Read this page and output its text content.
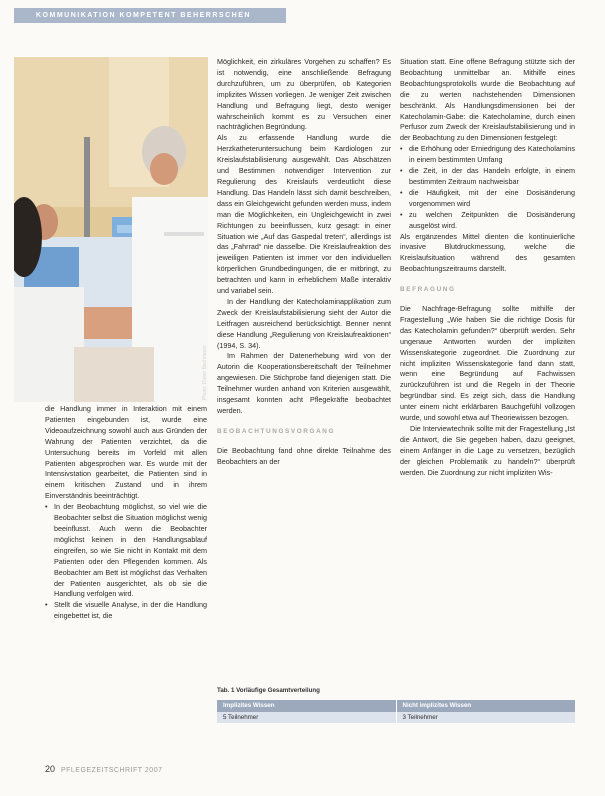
KOMMUNIKATION KOMPETENT BEHERRSCHEN
Photo: Dieter Bachmann

die Handlung immer in Interaktion mit einem Patienten eingebunden ist, wurde eine Videoaufzeichnung sowohl auch aus Gründen der Wahrung der Patienten verzichtet, da die Untersuchung bereits im Vorfeld mit allen Patienten abgesprochen war. Es wurde mit der Intensivstation gearbeitet, die Patienten sind in einem kritischen Zustand und in ihrem Einverständnis beeinträchtigt.

• In der Beobachtung möglichst, so viel wie die Beobachter selbst die Situation möglichst wenig beeinflusst. Auch wenn die Beobachter möglichst keinen in den Handlungsablauf eingreifen, so wie Sie nicht in Kontakt mit dem Patienten oder den Pflegenden kommen. Als Beobachter am Bett ist möglichst das Verhalten der Patienten ausgerichtet, als ob sie die Handlung verfolgen wird.
• Stellt die visuelle Analyse, in der die Handlung eingebettet ist, die

Möglichkeit, ein zirkuläres Vorgehen zu schaffen? Es ist notwendig, eine anschließende Befragung durchzuführen, um zu überprüfen, ob Kategorien implizites Wissen vorliegen. Je weniger Zeit zwischen Handlung und Befragung liegt, desto weniger wahrscheinlich kommt es zu Versuchen einer nachträglichen Begründung.

Als zu erfassende Handlung wurde die Herzkatheteruntersuchung beim Kardiologen zur Kreislaufstabilisierung ausgewählt. Das Abschätzen und Bestimmen notwendiger Intervention zur Regulierung des Kreislaufs verdeutlicht diese Handlung. Das Handeln lässt sich damit beschreiben, dass ein Gleichgewicht gefunden werden muss, indem man die Möglichkeiten, ein Ungleichgewicht in zwei Richtungen zu beeinflussen, kurz gesagt: in einer Situation wie „Auf das Gaspedal treten“, allerdings ist das „Fahrrad“ nie dasselbe. Die Kreislaufreaktion des jeweiligen Patienten ist immer vor den individuellen körperlichen Grundbedingungen, die er mitbringt, zu betrachten und kann in erheblichem Maße interaktiv und variabel sein.

In der Handlung der Katecholaminapplikation zum Zweck der Kreislaufstabilisierung sieht der Autor die Leitfragen ausreichend berücksichtigt. Benner nennt diese Handlung „Regulierung von Kreislaufreaktionen“ (1994, S. 34).

Im Rahmen der Datenerhebung wird von der Autorin die Kooperationsbereitschaft der Teilnehmer angewiesen. Die Stichprobe fand diejenigen statt. Die Teilnehmer wurden anhand von Kriterien ausgewählt, insgesamt konnten acht Pflegekräfte beobachtet werden.

BEOBACHTUNGSVORGANG

Die Beobachtung fand ohne direkte Teilnahme des Beobachters an der

Situation statt. Eine offene Befragung stützte sich der Beobachtung unmittelbar an. Mithilfe eines Beobachtungsprotokolls wurde die Beobachtung auf die zu werten nachstehenden Dimensionen beschränkt. Als Handlungsdimensionen bei der Katecholamin-Gabe: die Katecholamine, durch einen Perfusor zum Zweck der Kreislaufstabilisierung und in der Beobachtung zu den Dimensionen festgelegt:

• die Erhöhung oder Erniedrigung des Katecholamins in einem bestimmten Umfang
• die Zeit, in der das Handeln erfolgte, in einem bestimmten Zeitraum nachweisbar
• die Häufigkeit, mit der eine Dosisänderung vorgenommen wird
• zu welchen Zeitpunkten die Dosisänderung ausgelöst wird.

Als ergänzendes Mittel dienten die kontinuierliche invasive Blutdruckmessung, welche die Kreislaufsituation während des gesamten Beobachtungszeitraums darstellt.

BEFRAGUNG

Die Nachfrage-Befragung sollte mithilfe der Fragestellung „Wie haben Sie die richtige Dosis für das Katecholamin gefunden?“ überprüft werden. Sehr ungenaue Antworten wurden der impliziten Wissenskategorie zugeordnet. Die Zuordnung zur nicht impliziten Wissenskategorie fand dann statt, wenn eine Begründung auf Fachwissen zurückzuführen ist und die Regeln in der Theorie begründbar sind. Es zeigt sich, dass die Handlung unter einem nicht erklärbaren Bauchgefühl vollzogen wurde, und sowohl etwa auf Theoriewissen bezogen.

Die Interviewtechnik sollte mit der Fragestellung „Ist die Antwort, die Sie gegeben haben, dazu geeignet, einem Anfänger in die Lage zu versetzen, bezüglich der gleichen Problematik zu handeln?“ überprüft werden. Die Zuordnung zur nicht impliziten Wis-

Tab. 1 Vorläufige Gesamtverteilung
Implizites Wissen	Nicht implizites Wissen
5 Teilnehmer	3 Teilnehmer
20 PFLEGEZEITSCHRIFT 2007
